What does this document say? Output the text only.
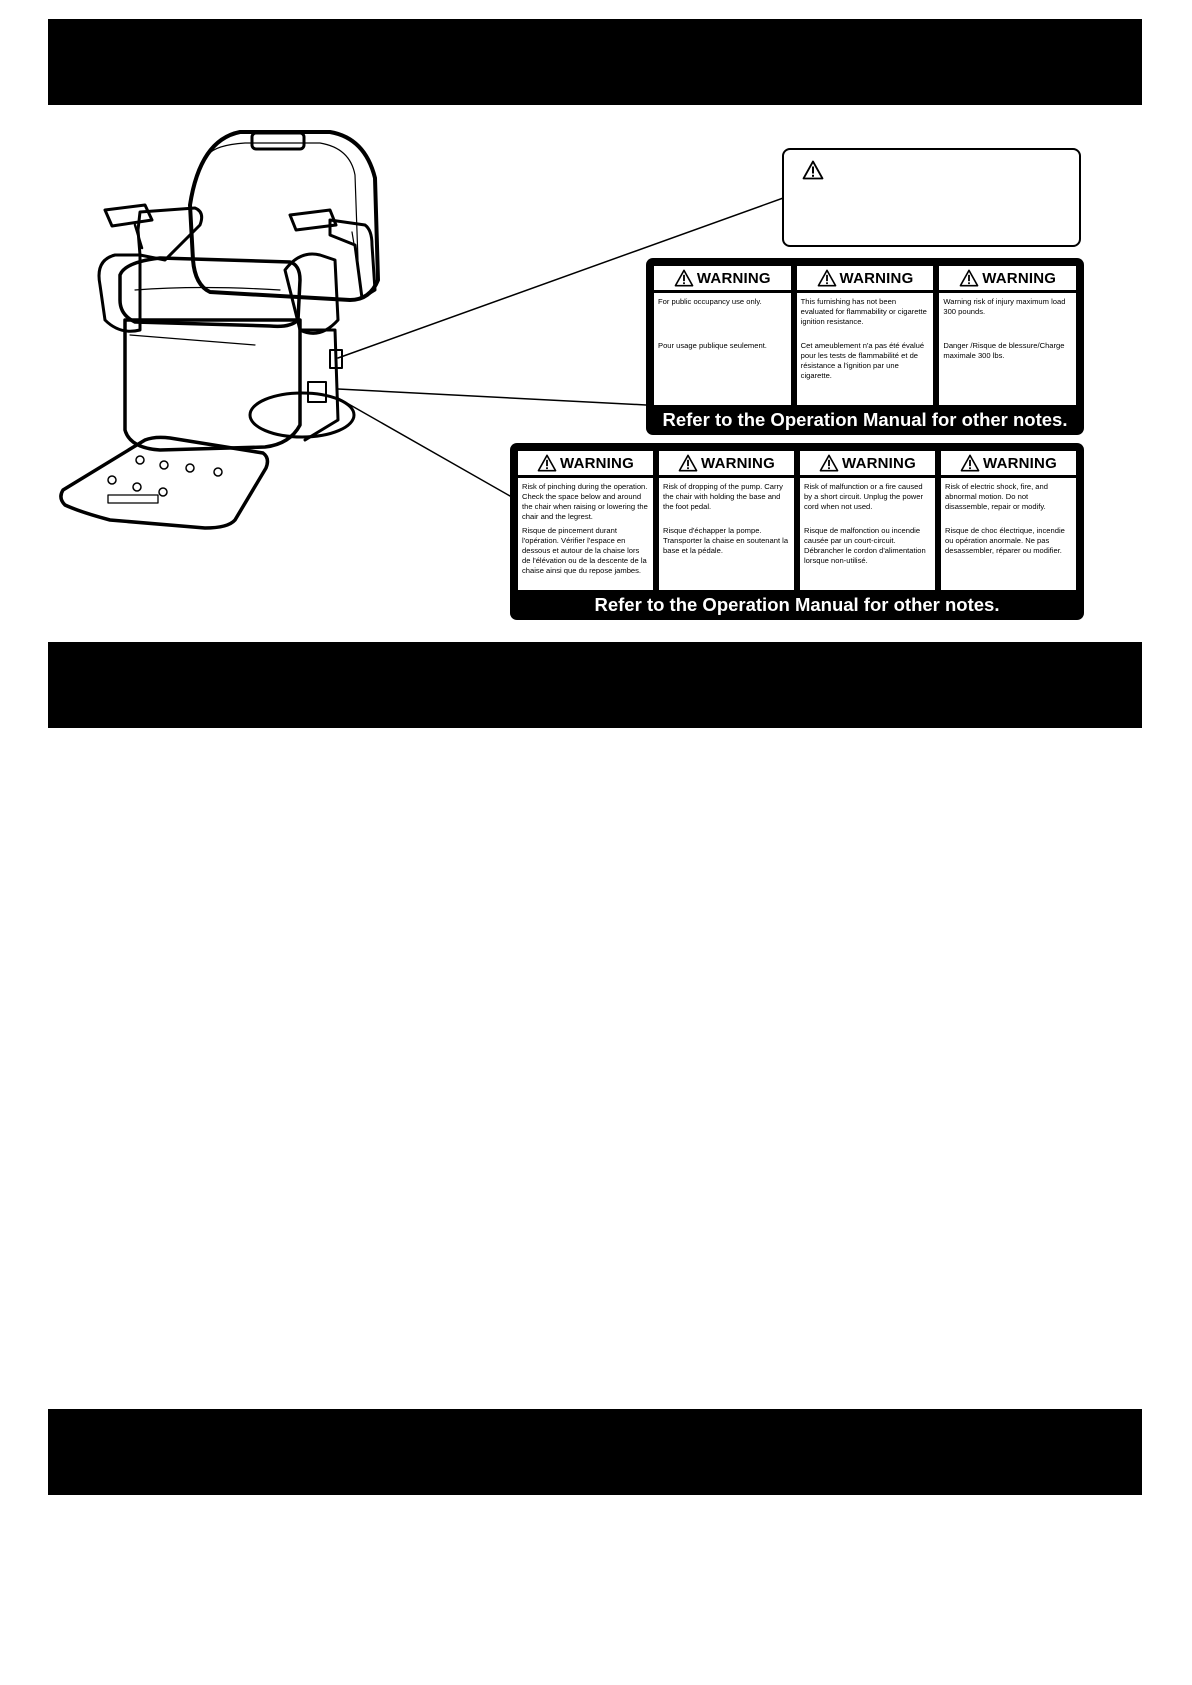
WARNING

For public occupancy use only.

Pour usage publique seulement.

WARNING

This furnishing has not been evaluated for flammability or cigarette ignition resistance.

Cet ameublement n'a pas été évalué pour les tests de flammabilité et de résistance a l'ignition par une cigarette.

WARNING

Warning risk of injury maximum load 300 pounds.

Danger /Risque de blessure/Charge maximale 300 lbs.

Refer to the Operation Manual for other notes.
WARNING

Risk of pinching during the operation. Check the space below and around the chair when raising or lowering the chair and the legrest.

Risque de pincement durant l'opération. Vérifier l'espace en dessous et autour de la chaise lors de l'élévation ou de la descente de la chaise ainsi que du repose jambes.

WARNING

Risk of dropping of the pump. Carry the chair with holding the base and the foot pedal.

Risque d'échapper la pompe. Transporter la chaise en soutenant la base et la pédale.

WARNING

Risk of malfunction or a fire caused by a short circuit. Unplug the power cord when not used.

Risque de malfonction ou incendie causée par un court-circuit. Débrancher le cordon d'alimentation lorsque non-utilisé.

WARNING

Risk of electric shock, fire, and abnormal motion. Do not disassemble, repair or modify.

Risque de choc électrique, incendie ou opération anormale. Ne pas desassembler, réparer ou modifier.

Refer to the Operation Manual for other notes.
